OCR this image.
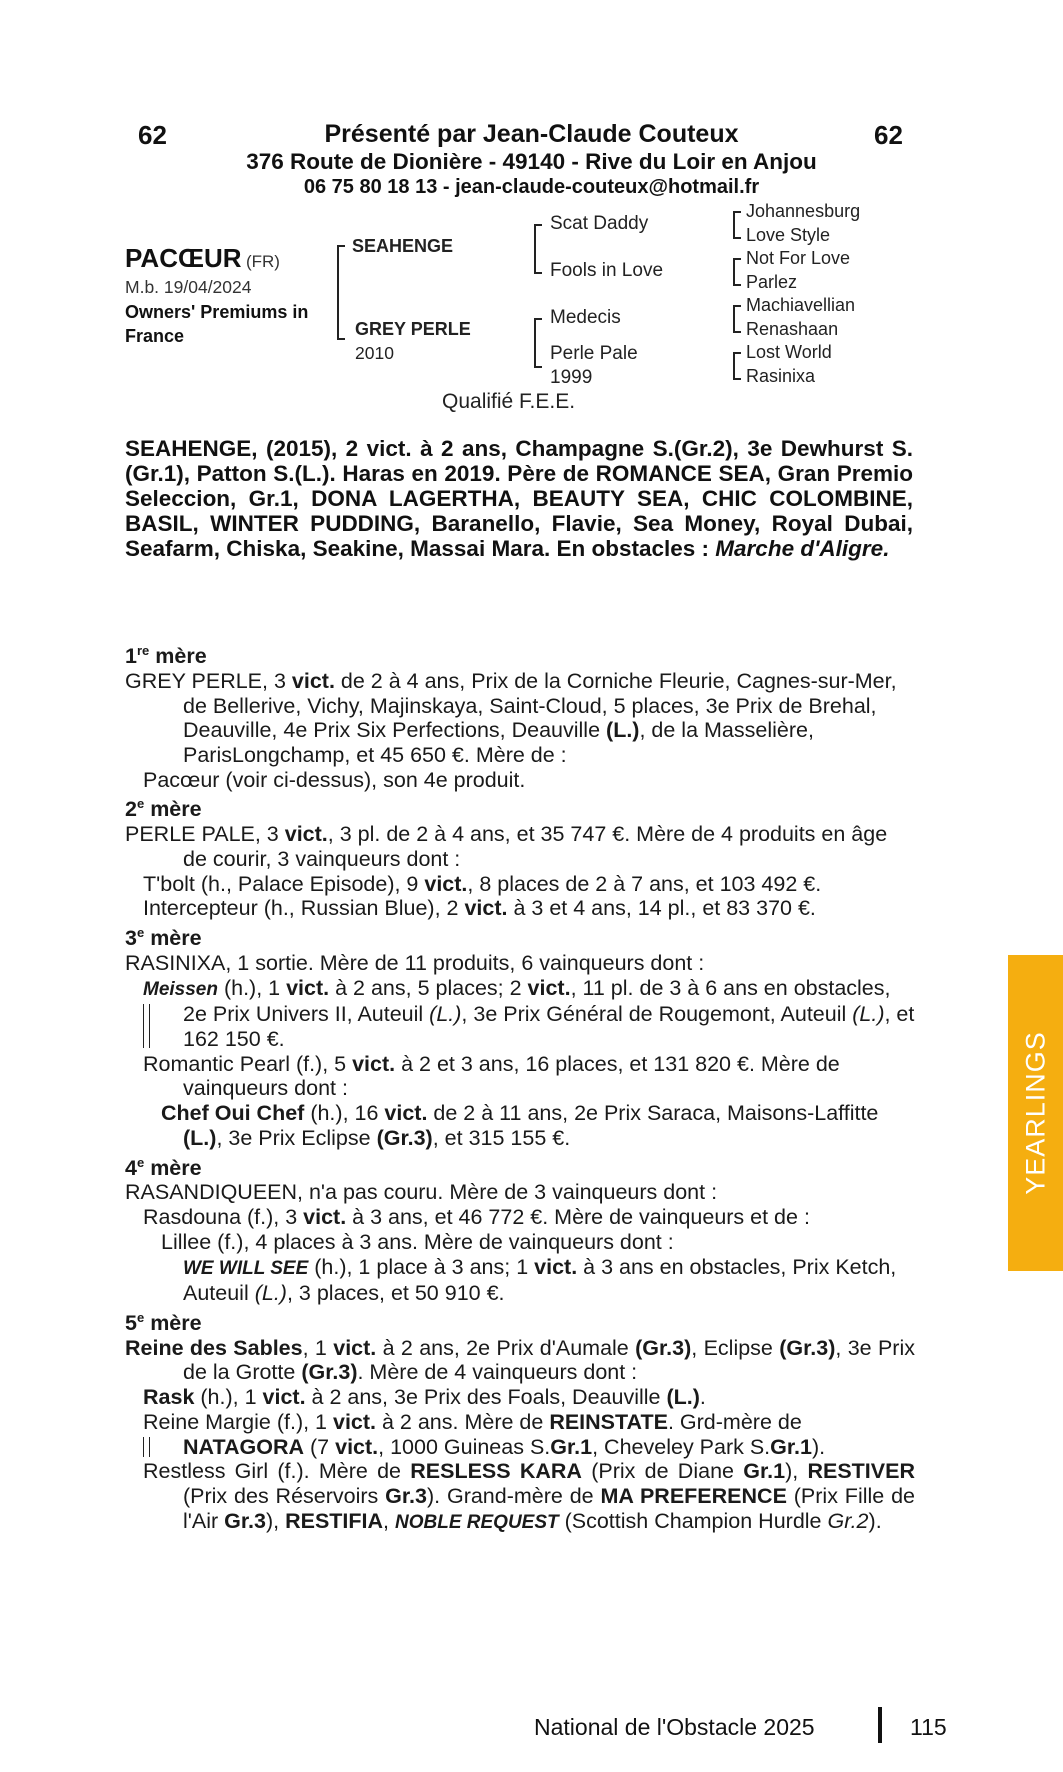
62	62
Présenté par Jean-Claude Couteux
376 Route de Dionière - 49140 - Rive du Loir en Anjou
06 75 80 18 13 - jean-claude-couteux@hotmail.fr
PACŒUR (FR)
M.b. 19/04/2024
Owners' Premiums in France
SEAHENGE
GREY PERLE
2010
Scat Daddy
Fools in Love
Medecis
Perle Pale
1999
Johannesburg
Love Style
Not For Love
Parlez
Machiavellian
Renashaan
Lost World
Rasinixa
Qualifié F.E.E.
SEAHENGE, (2015), 2 vict. à 2 ans, Champagne S.(Gr.2), 3e Dewhurst S.(Gr.1), Patton S.(L.). Haras en 2019. Père de ROMANCE SEA, Gran Premio Seleccion, Gr.1, DONA LAGERTHA, BEAUTY SEA, CHIC COLOMBINE, BASIL, WINTER PUDDING, Baranello, Flavie, Sea Money, Royal Dubai, Seafarm, Chiska, Seakine, Massai Mara. En obstacles : Marche d'Aligre.

1re mère

GREY PERLE, 3 vict. de 2 à 4 ans, Prix de la Corniche Fleurie, Cagnes-sur-Mer, de Bellerive, Vichy, Majinskaya, Saint-Cloud, 5 places, 3e Prix de Brehal, Deauville, 4e Prix Six Perfections, Deauville (L.), de la Masselière, ParisLongchamp, et 45 650 €. Mère de :

Pacœur (voir ci-dessus), son 4e produit.

2e mère

PERLE PALE, 3 vict., 3 pl. de 2 à 4 ans, et 35 747 €. Mère de 4 produits en âge de courir, 3 vainqueurs dont :

T'bolt (h., Palace Episode), 9 vict., 8 places de 2 à 7 ans, et 103 492 €.

Intercepteur (h., Russian Blue), 2 vict. à 3 et 4 ans, 14 pl., et 83 370 €.

3e mère

RASINIXA, 1 sortie. Mère de 11 produits, 6 vainqueurs dont :

Meissen (h.), 1 vict. à 2 ans, 5 places; 2 vict., 11 pl. de 3 à 6 ans en obstacles, 2e Prix Univers II, Auteuil (L.), 3e Prix Général de Rougemont, Auteuil (L.), et 162 150 €.

Romantic Pearl (f.), 5 vict. à 2 et 3 ans, 16 places, et 131 820 €. Mère de vainqueurs dont :

Chef Oui Chef (h.), 16 vict. de 2 à 11 ans, 2e Prix Saraca, Maisons-Laffitte (L.), 3e Prix Eclipse (Gr.3), et 315 155 €.

4e mère

RASANDIQUEEN, n'a pas couru. Mère de 3 vainqueurs dont :

Rasdouna (f.), 3 vict. à 3 ans, et 46 772 €. Mère de vainqueurs et de :

Lillee (f.), 4 places à 3 ans. Mère de vainqueurs dont :

WE WILL SEE (h.), 1 place à 3 ans; 1 vict. à 3 ans en obstacles, Prix Ketch, Auteuil (L.), 3 places, et 50 910 €.

5e mère

Reine des Sables, 1 vict. à 2 ans, 2e Prix d'Aumale (Gr.3), Eclipse (Gr.3), 3e Prix de la Grotte (Gr.3). Mère de 4 vainqueurs dont :

Rask (h.), 1 vict. à 2 ans, 3e Prix des Foals, Deauville (L.).

Reine Margie (f.), 1 vict. à 2 ans. Mère de REINSTATE. Grd-mère de NATAGORA (7 vict., 1000 Guineas S.Gr.1, Cheveley Park S.Gr.1).

Restless Girl (f.). Mère de RESLESS KARA (Prix de Diane Gr.1), RESTIVER (Prix des Réservoirs Gr.3). Grand-mère de MA PREFERENCE (Prix Fille de l'Air Gr.3), RESTIFIA, NOBLE REQUEST (Scottish Champion Hurdle Gr.2).

YEARLINGS
National de l'Obstacle 2025	115
